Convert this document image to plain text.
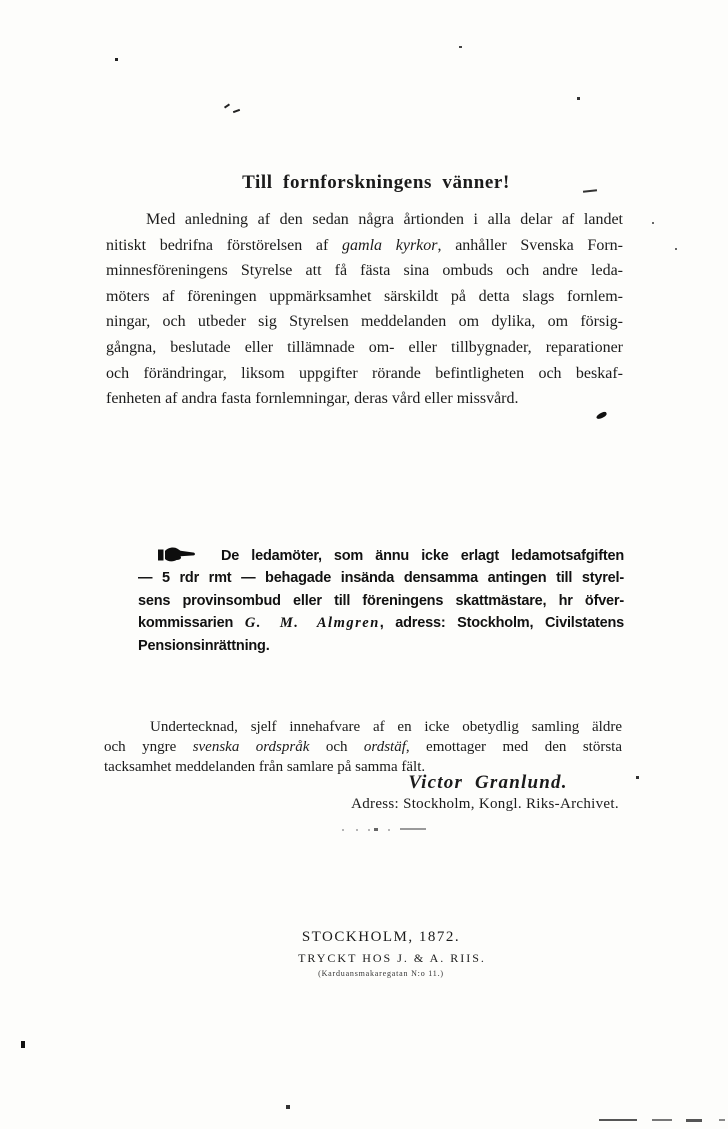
Till fornforskningens vänner!
Med anledning af den sedan några årtionden i alla delar af landet
nitiskt bedrifna förstörelsen af gamla kyrkor, anhåller Svenska Forn-
minnesföreningens Styrelse att få fästa sina ombuds och andre leda-
möters af föreningen uppmärksamhet särskildt på detta slags fornlem-
ningar, och utbeder sig Styrelsen meddelanden om dylika, om försig-
gångna, beslutade eller tillämnade om- eller tillbygnader, reparationer
och förändringar, liksom uppgifter rörande befintligheten och beskaf-
fenheten af andra fasta fornlemningar, deras vård eller missvård.
De ledamöter, som ännu icke erlagt ledamotsafgiften
— 5 rdr rmt — behagade insända densamma antingen till styrel-
sens provinsombud eller till föreningens skattmästare, hr öfver-
kommissarien G. M. Almgren, adress: Stockholm, Civilstatens
Pensionsinrättning.
Undertecknad, sjelf innehafvare af en icke obetydlig samling äldre
och yngre svenska ordspråk och ordstäf, emottager med den största
tacksamhet meddelanden från samlare på samma fält.
Victor Granlund.
Adress: Stockholm, Kongl. Riks-Archivet.
STOCKHOLM, 1872.
TRYCKT HOS J. & A. RIIS.
(Karduansmakaregatan N:o 11.)
